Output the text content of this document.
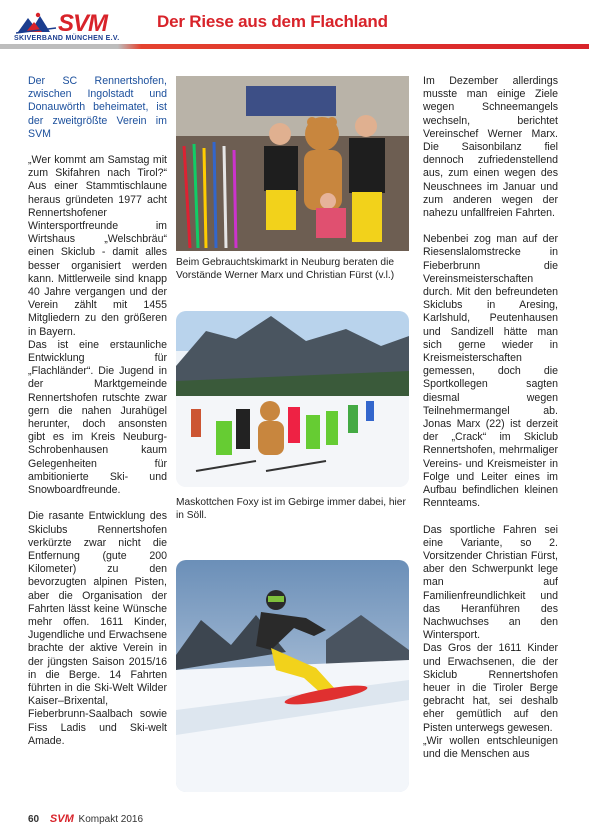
SVM
SKIVERBAND MÜNCHEN E.V.
Der Riese aus dem Flachland

Der SC Rennertshofen, zwischen Ingolstadt und Donauwörth beheimatet, ist der zweitgrößte Verein im SVM

„Wer kommt am Samstag mit zum Skifahren nach Tirol?“ Aus einer Stammtischlaune heraus gründeten 1977 acht Rennertshofener Wintersportfreunde im Wirtshaus „Welschbräu“ einen Skiclub - damit alles besser organisiert werden kann. Mittlerweile sind knapp 40 Jahre vergangen und der Verein zählt mit 1455 Mitgliedern zu den größeren in Bayern.

Das ist eine erstaunliche Entwicklung für „Flachländer“. Die Jugend in der Marktgemeinde Rennertshofen rutschte zwar gern die nahen Jurahügel herunter, doch ansonsten gibt es im Kreis Neuburg-Schrobenhausen kaum Gelegenheiten für ambitionierte Ski- und Snowboardfreunde.

Die rasante Entwicklung des Skiclubs Rennertshofen verkürzte zwar nicht die Entfernung (gute 200 Kilometer) zu den bevorzugten alpinen Pisten, aber die Organisation der Fahrten lässt keine Wünsche mehr offen. 1611 Kinder, Jugendliche und Erwachsene brachte der aktive Verein in der jüngsten Saison 2015/16 in die Berge. 14 Fahrten führten in die Ski-Welt Wilder Kaiser–Brixental, Fieberbrunn-Saalbach sowie Fiss Ladis und Ski-welt Amade.

Beim Gebrauchtskimarkt in Neuburg beraten die Vorstände Werner Marx und Christian Fürst (v.l.)
Maskottchen Foxy ist im Gebirge immer dabei, hier in Söll.

Im Dezember allerdings musste man einige Ziele wegen Schneemangels wechseln, berichtet Vereinschef Werner Marx. Die Saisonbilanz fiel dennoch zufriedenstellend aus, zum einen wegen des Neuschnees im Januar und zum anderen wegen der nahezu unfallfreien Fahrten.

Nebenbei zog man auf der Riesenslalomstrecke in Fieberbrunn die Vereinsmeisterschaften durch. Mit den befreundeten Skiclubs in Aresing, Karlshuld, Peutenhausen und Sandizell hätte man sich gerne wieder in Kreismeisterschaften gemessen, doch die Sportkollegen sagten diesmal wegen Teilnehmermangel ab. Jonas Marx (22) ist derzeit der „Crack“ im Skiclub Rennertshofen, mehrmaliger Vereins- und Kreismeister in Folge und Leiter eines im Aufbau befindlichen kleinen Rennteams.

Das sportliche Fahren sei eine Variante, so 2. Vorsitzender Christian Fürst, aber den Schwerpunkt lege man auf Familienfreundlichkeit und das Heranführen des Nachwuchses an den Wintersport.

Das Gros der 1611 Kinder und Erwachsenen, die der Skiclub Rennertshofen heuer in die Tiroler Berge gebracht hat, sei deshalb eher gemütlich auf den Pisten unterwegs gewesen.

„Wir wollen entschleunigen und die Menschen aus

60 SVM Kompakt 2016
